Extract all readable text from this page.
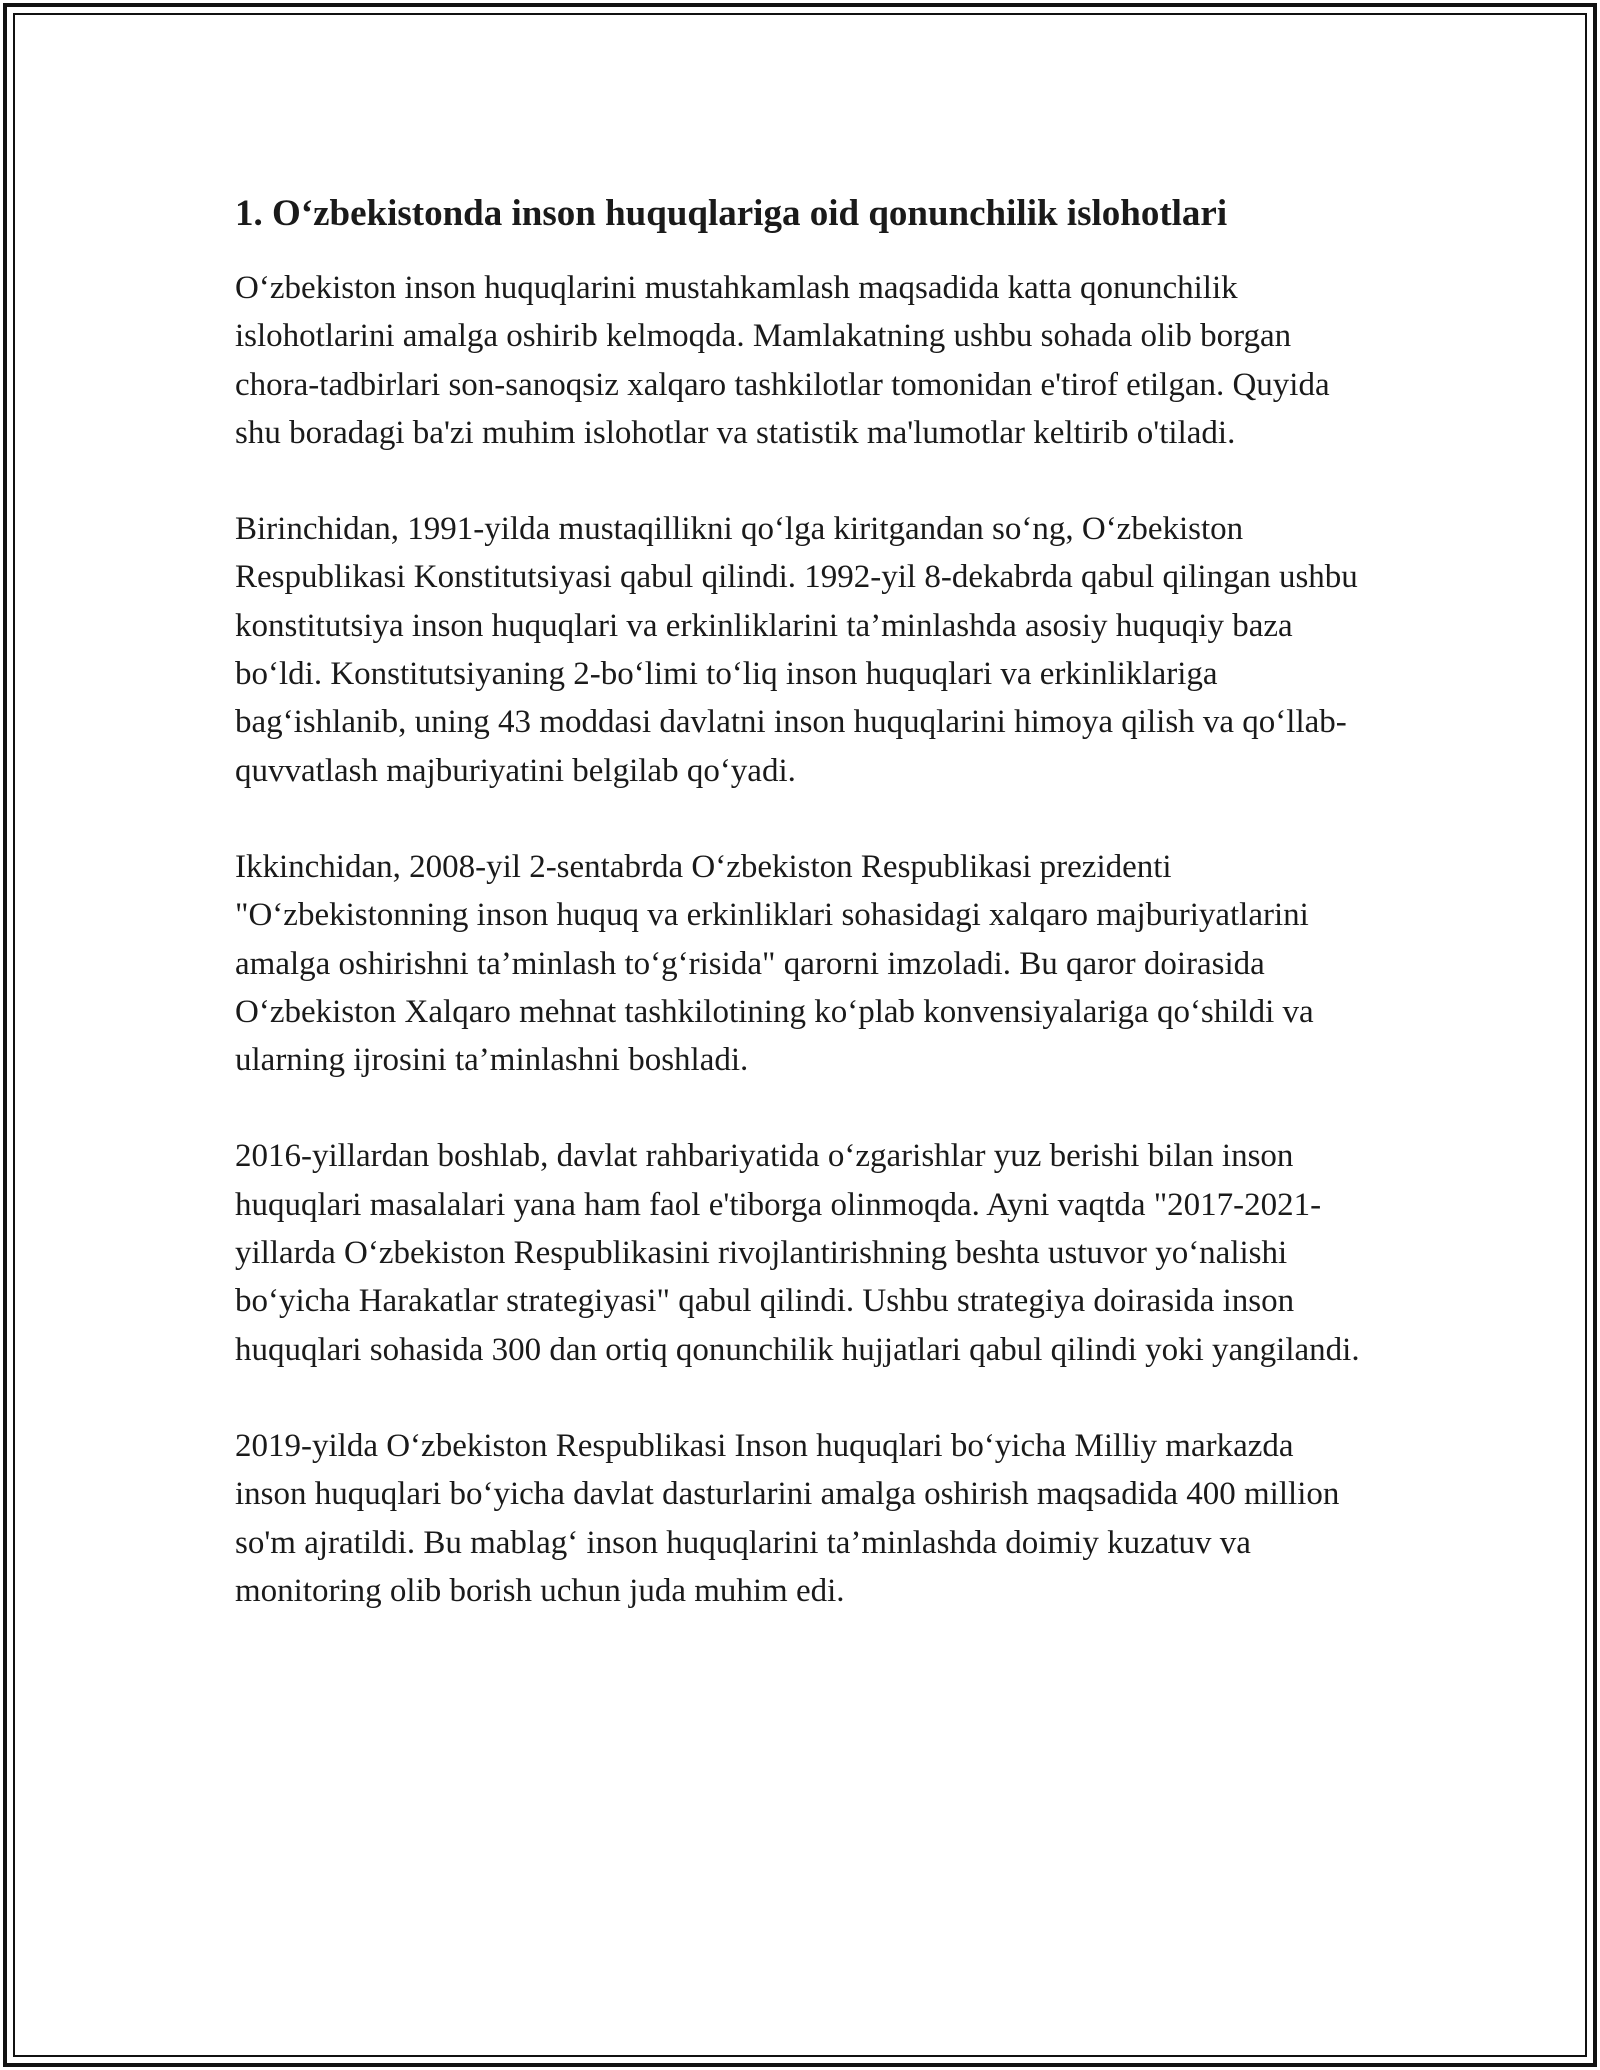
1. O‘zbekistonda inson huquqlariga oid qonunchilik islohotlari

O‘zbekiston inson huquqlarini mustahkamlash maqsadida katta qonunchilik islohotlarini amalga oshirib kelmoqda. Mamlakatning ushbu sohada olib borgan chora-tadbirlari son-sanoqsiz xalqaro tashkilotlar tomonidan e'tirof etilgan. Quyida shu boradagi ba'zi muhim islohotlar va statistik ma'lumotlar keltirib o'tiladi.

Birinchidan, 1991-yilda mustaqillikni qo‘lga kiritgandan so‘ng, O‘zbekiston Respublikasi Konstitutsiyasi qabul qilindi. 1992-yil 8-dekabrda qabul qilingan ushbu konstitutsiya inson huquqlari va erkinliklarini ta’minlashda asosiy huquqiy baza bo‘ldi. Konstitutsiyaning 2-bo‘limi to‘liq inson huquqlari va erkinliklariga bag‘ishlanib, uning 43 moddasi davlatni inson huquqlarini himoya qilish va qo‘llab-quvvatlash majburiyatini belgilab qo‘yadi.

Ikkinchidan, 2008-yil 2-sentabrda O‘zbekiston Respublikasi prezidenti "O‘zbekistonning inson huquq va erkinliklari sohasidagi xalqaro majburiyatlarini amalga oshirishni ta’minlash to‘g‘risida" qarorni imzoladi. Bu qaror doirasida O‘zbekiston Xalqaro mehnat tashkilotining ko‘plab konvensiyalariga qo‘shildi va ularning ijrosini ta’minlashni boshladi.

2016-yillardan boshlab, davlat rahbariyatida o‘zgarishlar yuz berishi bilan inson huquqlari masalalari yana ham faol e'tiborga olinmoqda. Ayni vaqtda "2017-2021-yillarda O‘zbekiston Respublikasini rivojlantirishning beshta ustuvor yo‘nalishi bo‘yicha Harakatlar strategiyasi" qabul qilindi. Ushbu strategiya doirasida inson huquqlari sohasida 300 dan ortiq qonunchilik hujjatlari qabul qilindi yoki yangilandi.

2019-yilda O‘zbekiston Respublikasi Inson huquqlari bo‘yicha Milliy markazda inson huquqlari bo‘yicha davlat dasturlarini amalga oshirish maqsadida 400 million so'm ajratildi. Bu mablag‘ inson huquqlarini ta’minlashda doimiy kuzatuv va monitoring olib borish uchun juda muhim edi.
